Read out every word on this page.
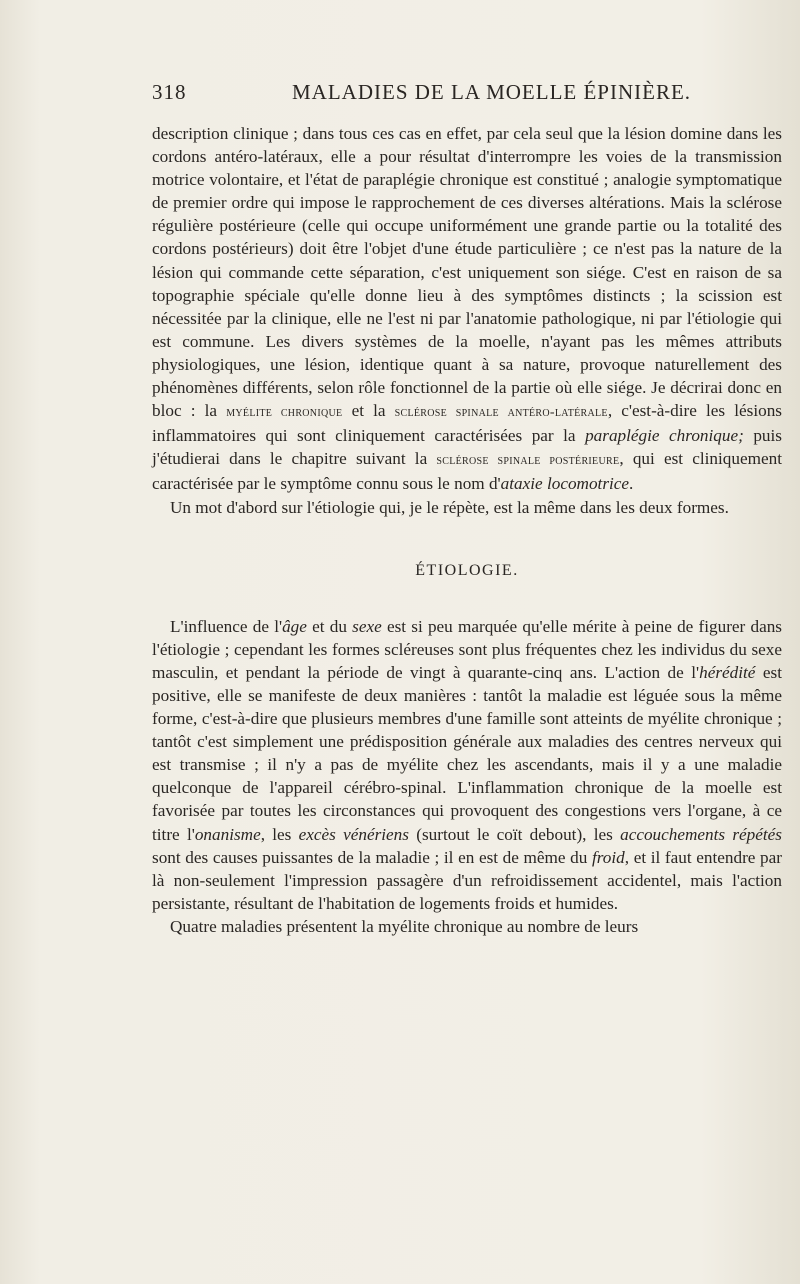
318	MALADIES DE LA MOELLE ÉPINIÈRE.

description clinique ; dans tous ces cas en effet, par cela seul que la lésion domine dans les cordons antéro-latéraux, elle a pour résultat d'interrompre les voies de la transmission motrice volontaire, et l'état de paraplégie chronique est constitué ; analogie symptomatique de premier ordre qui impose le rapprochement de ces diverses altérations. Mais la sclérose régulière postérieure (celle qui occupe uniformément une grande partie ou la totalité des cordons postérieurs) doit être l'objet d'une étude particulière ; ce n'est pas la nature de la lésion qui commande cette séparation, c'est uniquement son siége. C'est en raison de sa topographie spéciale qu'elle donne lieu à des symptômes distincts ; la scission est nécessitée par la clinique, elle ne l'est ni par l'anatomie pathologique, ni par l'étiologie qui est commune. Les divers systèmes de la moelle, n'ayant pas les mêmes attributs physiologiques, une lésion, identique quant à sa nature, provoque naturellement des phénomènes différents, selon rôle fonctionnel de la partie où elle siége. Je décrirai donc en bloc : la myélite chronique et la sclérose spinale antéro-latérale, c'est-à-dire les lésions inflammatoires qui sont cliniquement caractérisées par la paraplégie chronique; puis j'étudierai dans le chapitre suivant la sclérose spinale postérieure, qui est cliniquement caractérisée par le symptôme connu sous le nom d'ataxie locomotrice.

Un mot d'abord sur l'étiologie qui, je le répète, est la même dans les deux formes.

ÉTIOLOGIE.

L'influence de l'âge et du sexe est si peu marquée qu'elle mérite à peine de figurer dans l'étiologie ; cependant les formes scléreuses sont plus fréquentes chez les individus du sexe masculin, et pendant la période de vingt à quarante-cinq ans. L'action de l'hérédité est positive, elle se manifeste de deux manières : tantôt la maladie est léguée sous la même forme, c'est-à-dire que plusieurs membres d'une famille sont atteints de myélite chronique ; tantôt c'est simplement une prédisposition générale aux maladies des centres nerveux qui est transmise ; il n'y a pas de myélite chez les ascendants, mais il y a une maladie quelconque de l'appareil cérébro-spinal. L'inflammation chronique de la moelle est favorisée par toutes les circonstances qui provoquent des congestions vers l'organe, à ce titre l'onanisme, les excès vénériens (surtout le coït debout), les accouchements répétés sont des causes puissantes de la maladie ; il en est de même du froid, et il faut entendre par là non-seulement l'impression passagère d'un refroidissement accidentel, mais l'action persistante, résultant de l'habitation de logements froids et humides.

Quatre maladies présentent la myélite chronique au nombre de leurs
